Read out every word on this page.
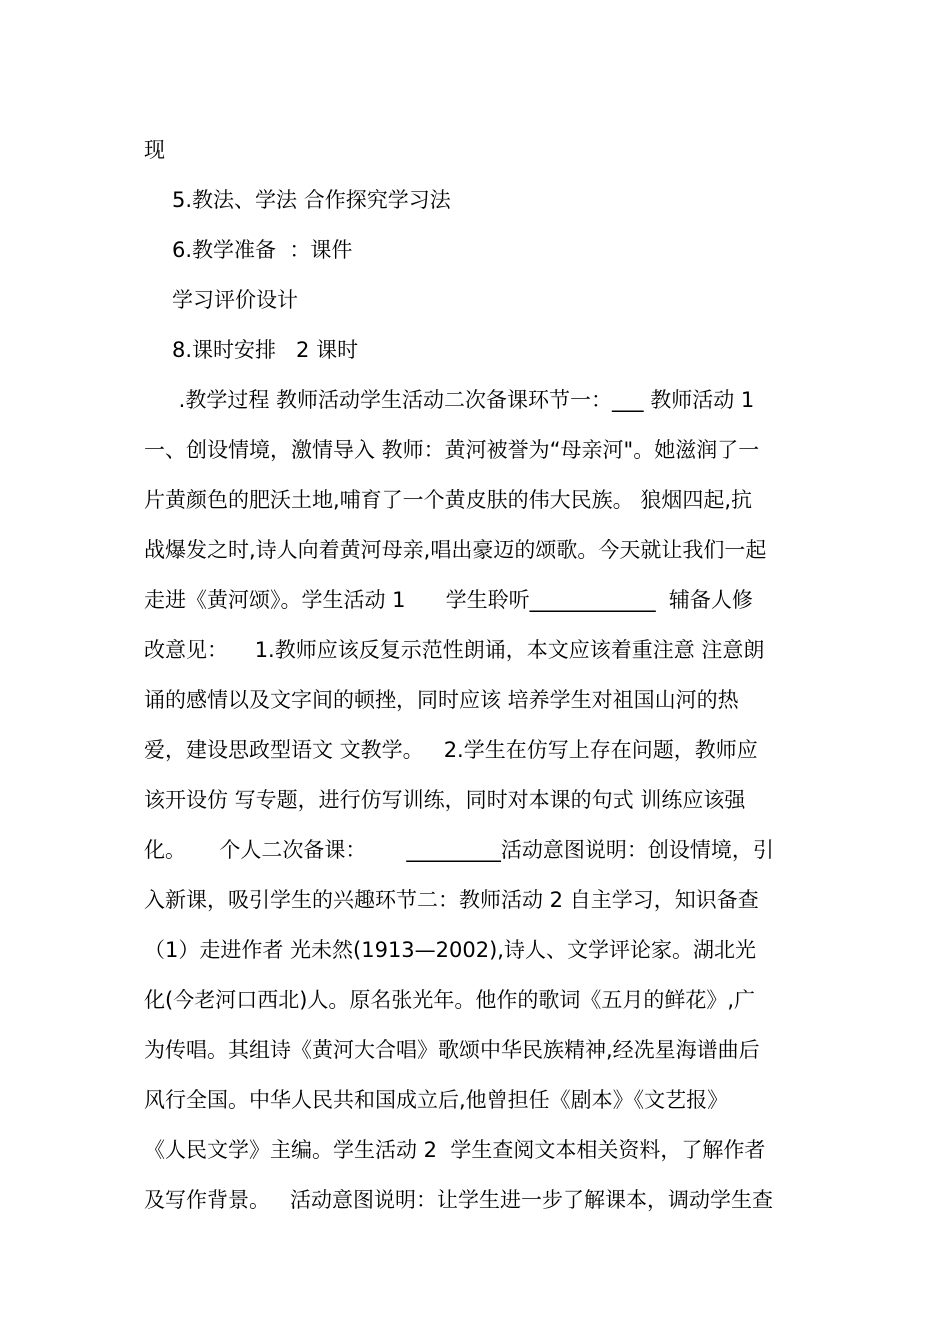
现
5.教法、学法 合作探究学习法
6.教学准备  ：课件
学习评价设计
8.课时安排   2 课时
.教学过程 教师活动学生活动二次备课环节一：___ 教师活动 1
一、创设情境，激情导入 教师：黄河被誉为“母亲河"。她滋润了一
片黄颜色的肥沃土地,哺育了一个黄皮肤的伟大民族。 狼烟四起,抗
战爆发之时,诗人向着黄河母亲,唱出豪迈的颂歌。今天就让我们一起
走进《黄河颂》。学生活动 1      学生聆听____________  辅备人修
改意见：    1.教师应该反复示范性朗诵，本文应该着重注意 注意朗
诵的感情以及文字间的顿挫，同时应该 培养学生对祖国山河的热
爱，建设思政型语文 文教学。   2.学生在仿写上存在问题，教师应
该开设仿 写专题，进行仿写训练，同时对本课的句式 训练应该强
化。     个人二次备课：      _________活动意图说明：创设情境，引
入新课，吸引学生的兴趣环节二：教师活动 2 自主学习，知识备查
（1）走进作者 光未然(1913—2002),诗人、文学评论家。湖北光
化(今老河口西北)人。原名张光年。他作的歌词《五月的鲜花》,广
为传唱。其组诗《黄河大合唱》歌颂中华民族精神,经冼星海谱曲后
风行全国。中华人民共和国成立后,他曾担任《剧本》《文艺报》
《人民文学》主编。学生活动 2  学生查阅文本相关资料，了解作者
及写作背景。   活动意图说明：让学生进一步了解课本，调动学生查
